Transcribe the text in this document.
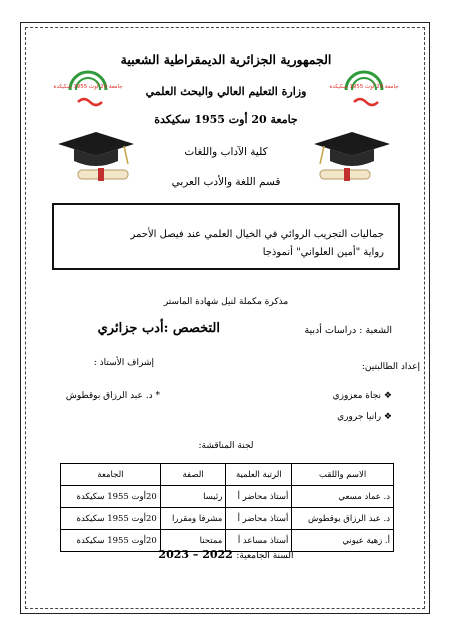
الجمهورية الجزائرية الديمقراطية الشعبية
وزارة التعليم العالي والبحث العلمي
جامعة 20 أوت 1955 سكيكدة
كلية الآداب واللغات
قسم اللغة والأدب العربي
جامعة 20 أوت 1955 سكيكدة	جامعة 20 أوت 1955 سكيكدة
جماليات التجريب الروائي في الخيال العلمي عند فيصل الأحمر
رواية "أمين العلواني" أنموذجا
مذكرة مكملة لنيل شهادة الماستر
الشعبة : دراسات أدبية
التخصص :أدب جزائري
إعداد الطالبتين:
إشراف الأستاذ :
❖ نجاة معزوزي
❖ رانيا جروري
* د. عبد الرزاق بوقطوش
لجنة المناقشة:
الاسم واللقب	الرتبة العلمية	الصفة	الجامعة
د. عماد مسعي	أستاذ محاضر أ	رئيسا	20أوت 1955 سكيكدة
د. عبد الرزاق بوقطوش	أستاذ محاضر أ	مشرفا ومقررا	20أوت 1955 سكيكدة
أ. زهية عيوني	أستاذ مساعد أ	ممتحنا	20أوت 1955 سكيكدة
السنة الجامعية: 2022 – 2023
